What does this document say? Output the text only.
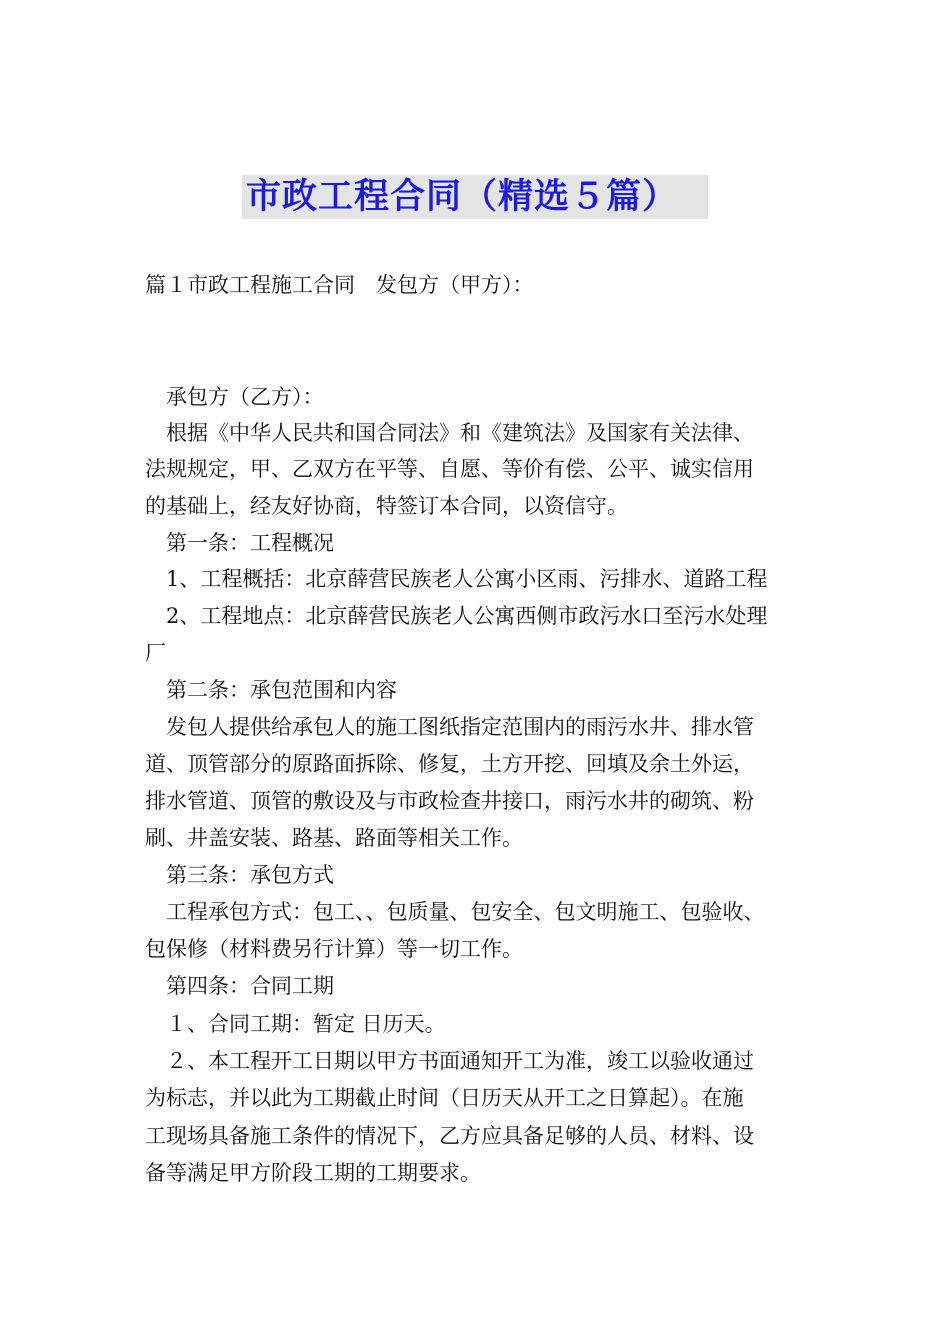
市政工程合同（精选５篇）
篇１市政工程施工合同　发包方（甲方）：
　承包方（乙方）：
　根据《中华人民共和国合同法》和《建筑法》及国家有关法律、
法规规定，甲、乙双方在平等、自愿、等价有偿、公平、诚实信用
的基础上，经友好协商，特签订本合同，以资信守。
　第一条：工程概况
　1、工程概括：北京薛营民族老人公寓小区雨、污排水、道路工程
　2、工程地点：北京薛营民族老人公寓西侧市政污水口至污水处理
厂
　第二条：承包范围和内容
　发包人提供给承包人的施工图纸指定范围内的雨污水井、排水管
道、顶管部分的原路面拆除、修复，土方开挖、回填及余土外运，
排水管道、顶管的敷设及与市政检查井接口，雨污水井的砌筑、粉
刷、井盖安装、路基、路面等相关工作。
　第三条：承包方式
　工程承包方式：包工、、包质量、包安全、包文明施工、包验收、
包保修（材料费另行计算）等一切工作。
　第四条：合同工期
　１、合同工期：暂定 日历天。
　２、本工程开工日期以甲方书面通知开工为准，竣工以验收通过
为标志，并以此为工期截止时间（日历天从开工之日算起）。在施
工现场具备施工条件的情况下，乙方应具备足够的人员、材料、设
备等满足甲方阶段工期的工期要求。
